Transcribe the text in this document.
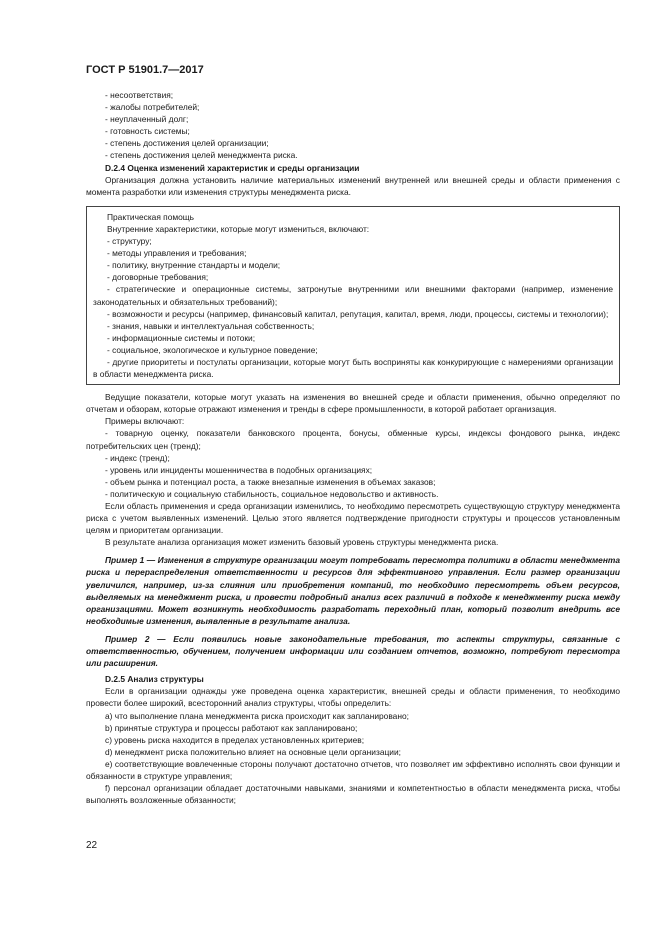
ГОСТ Р 51901.7—2017

- несоответствия;

- жалобы потребителей;

- неуплаченный долг;

- готовность системы;

- степень достижения целей организации;

- степень достижения целей менеджмента риска.

D.2.4 Оценка изменений характеристик и среды организации

Организация должна установить наличие материальных изменений внутренней или внешней среды и области применения с момента разработки или изменения структуры менеджмента риска.

Практическая помощь

Внутренние характеристики, которые могут измениться, включают:

- структуру;

- методы управления и требования;

- политику, внутренние стандарты и модели;

- договорные требования;

- стратегические и операционные системы, затронутые внутренними или внешними факторами (например, изменение законодательных и обязательных требований);

- возможности и ресурсы (например, финансовый капитал, репутация, капитал, время, люди, процессы, системы и технологии);

- знания, навыки и интеллектуальная собственность;

- информационные системы и потоки;

- социальное, экологическое и культурное поведение;

- другие приоритеты и постулаты организации, которые могут быть восприняты как конкурирующие с намерениями организации в области менеджмента риска.

Ведущие показатели, которые могут указать на изменения во внешней среде и области применения, обычно определяют по отчетам и обзорам, которые отражают изменения и тренды в сфере промышленности, в которой работает организация.

Примеры включают:

- товарную оценку, показатели банковского процента, бонусы, обменные курсы, индексы фондового рынка, индекс потребительских цен (тренд);

- индекс (тренд);

- уровень или инциденты мошенничества в подобных организациях;

- объем рынка и потенциал роста, а также внезапные изменения в объемах заказов;

- политическую и социальную стабильность, социальное недовольство и активность.

Если область применения и среда организации изменились, то необходимо пересмотреть существующую структуру менеджмента риска с учетом выявленных изменений. Целью этого является подтверждение пригодности структуры и процессов установленным целям и приоритетам организации.

В результате анализа организация может изменить базовый уровень структуры менеджмента риска.

Пример 1 — Изменения в структуре организации могут потребовать пересмотра политики в области менеджмента риска и перераспределения ответственности и ресурсов для эффективного управления. Если размер организации увеличился, например, из-за слияния или приобретения компаний, то необходимо пересмотреть объем ресурсов, выделяемых на менеджмент риска, и провести подробный анализ всех различий в подходе к менеджменту риска между организациями. Может возникнуть необходимость разработать переходный план, который позволит внедрить все необходимые изменения, выявленные в результате анализа.

Пример 2 — Если появились новые законодательные требования, то аспекты структуры, связанные с ответственностью, обучением, получением информации или созданием отчетов, возможно, потребуют пересмотра или расширения.

D.2.5 Анализ структуры

Если в организации однажды уже проведена оценка характеристик, внешней среды и области применения, то необходимо провести более широкий, всесторонний анализ структуры, чтобы определить:

a) что выполнение плана менеджмента риска происходит как запланировано;

b) принятые структура и процессы работают как запланировано;

c) уровень риска находится в пределах установленных критериев;

d) менеджмент риска положительно влияет на основные цели организации;

e) соответствующие вовлеченные стороны получают достаточно отчетов, что позволяет им эффективно исполнять свои функции и обязанности в структуре управления;

f) персонал организации обладает достаточными навыками, знаниями и компетентностью в области менеджмента риска, чтобы выполнять возложенные обязанности;

22
